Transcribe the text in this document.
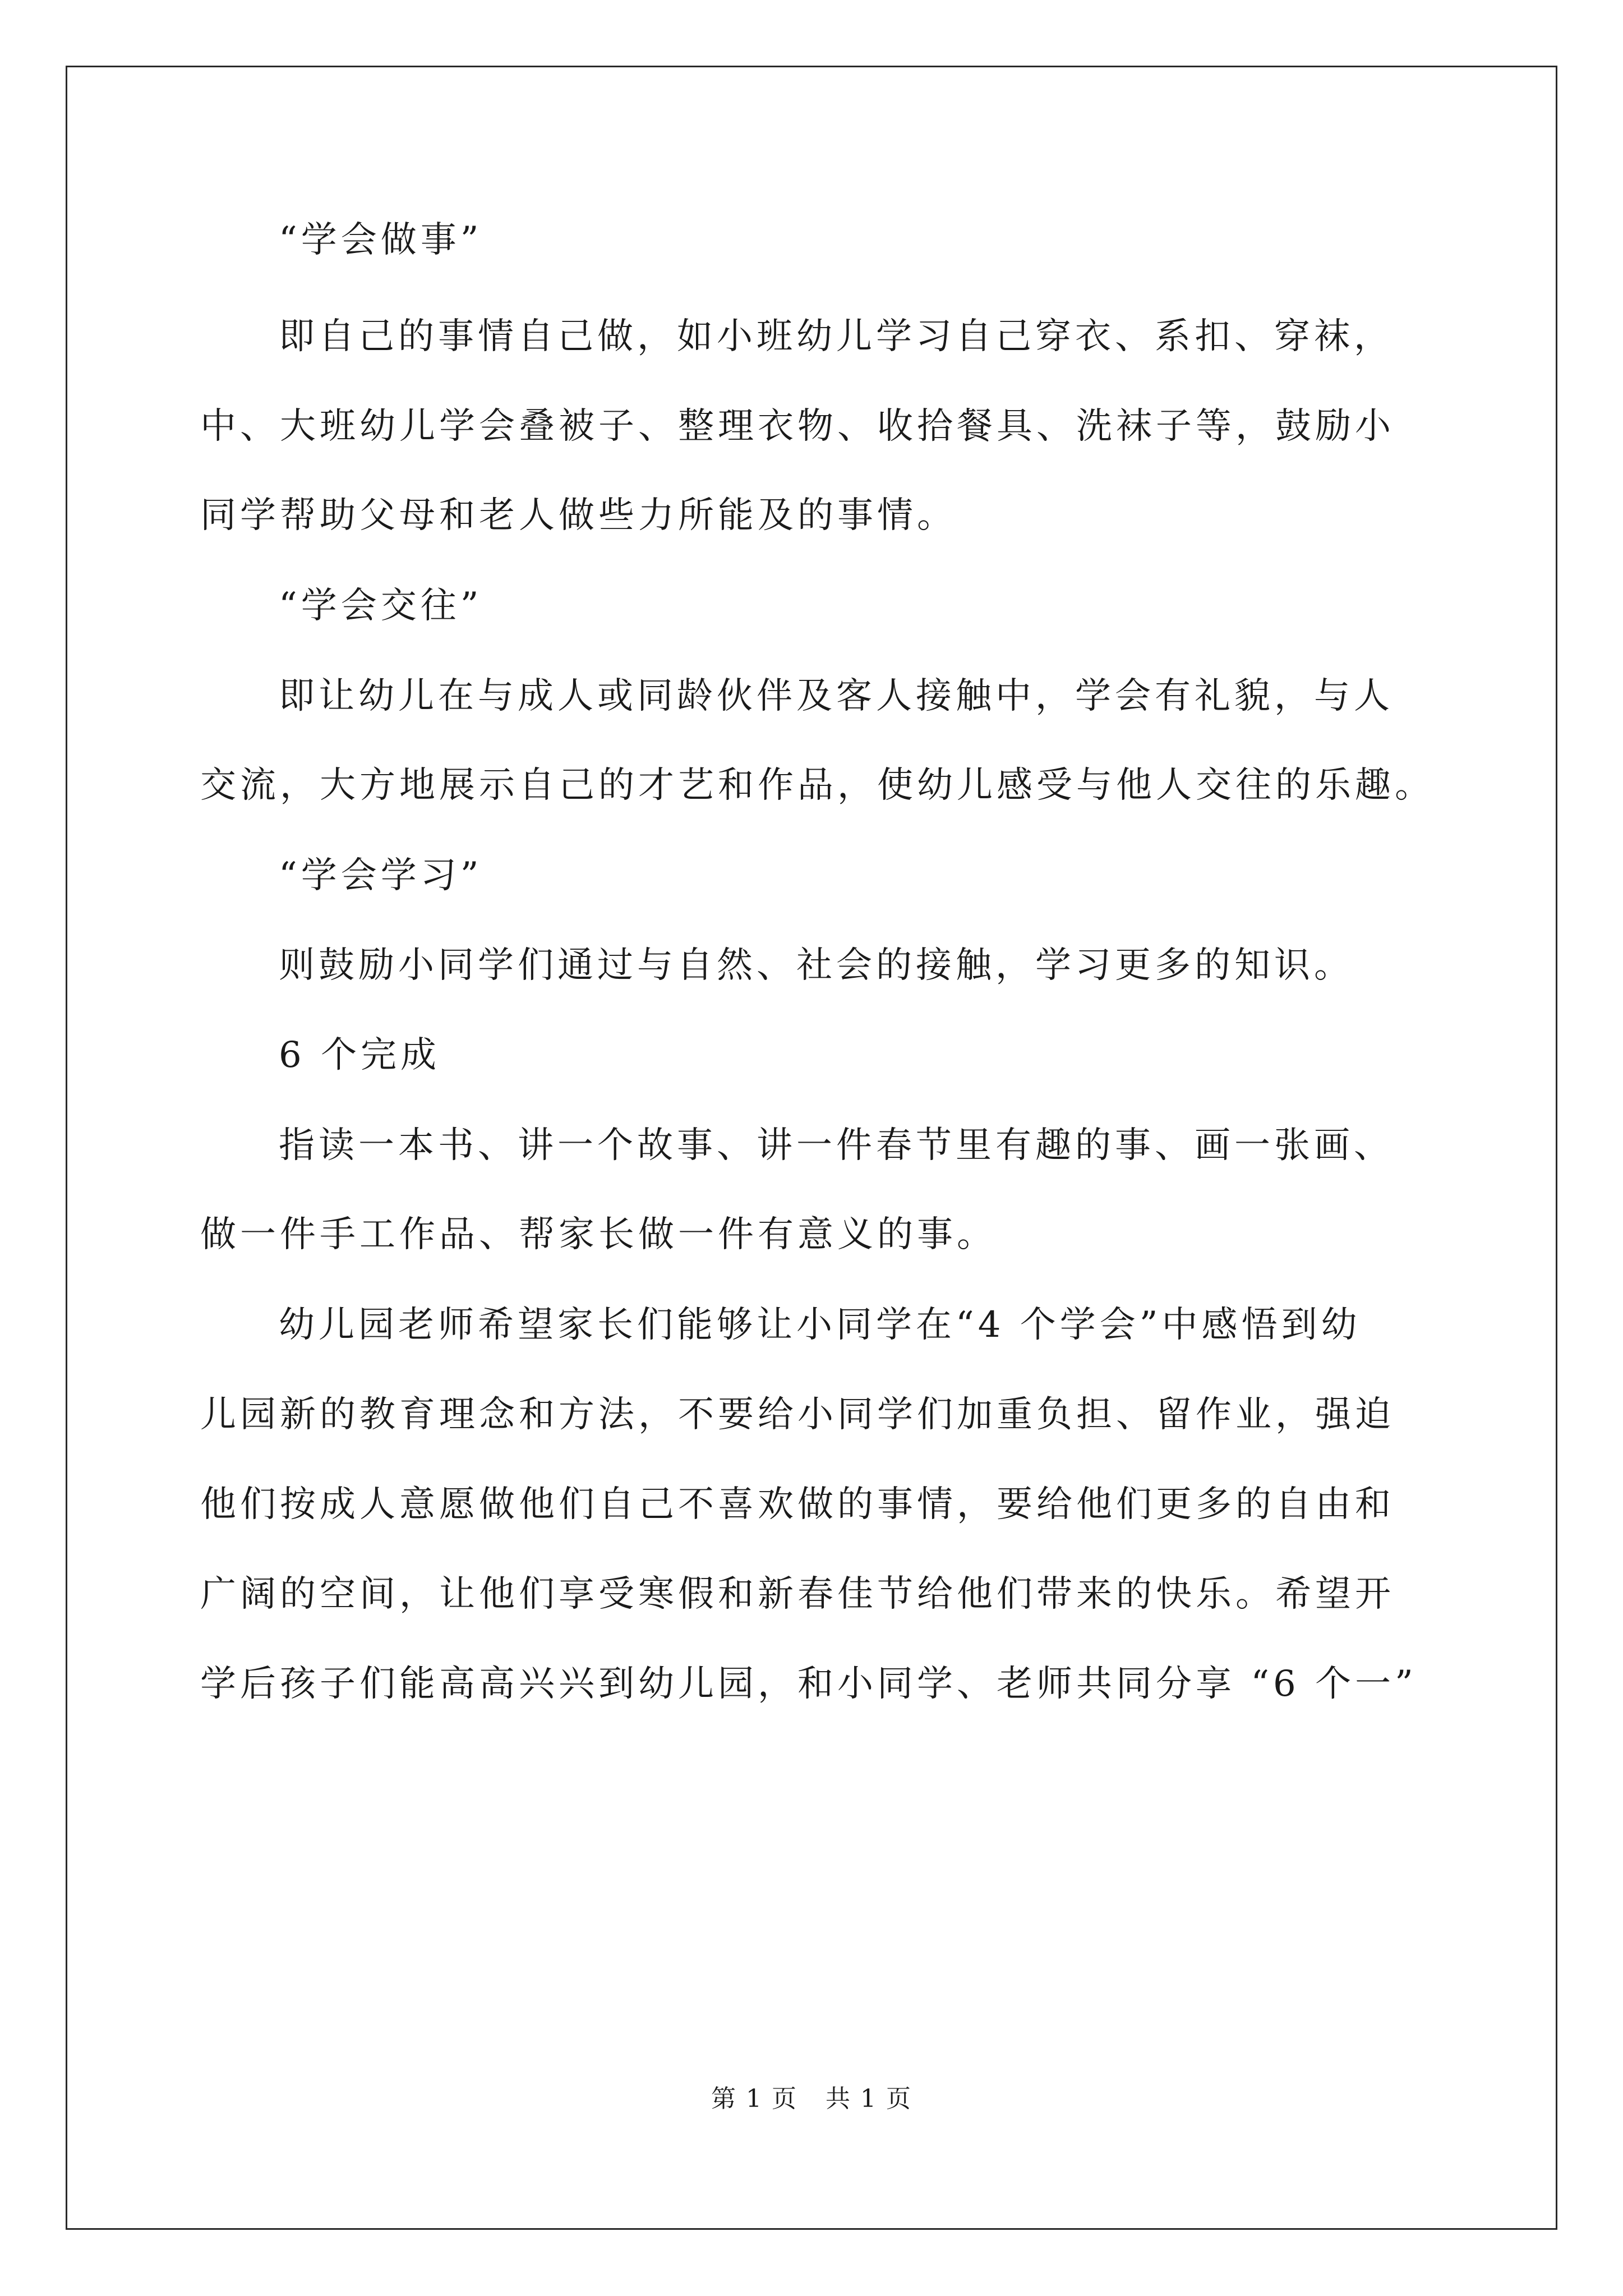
“学会做事”
即自己的事情自己做，如小班幼儿学习自己穿衣、系扣、穿袜，
中、大班幼儿学会叠被子、整理衣物、收拾餐具、洗袜子等，鼓励小
同学帮助父母和老人做些力所能及的事情。
“学会交往”
即让幼儿在与成人或同龄伙伴及客人接触中，学会有礼貌，与人
交流，大方地展示自己的才艺和作品，使幼儿感受与他人交往的乐趣。
“学会学习”
则鼓励小同学们通过与自然、社会的接触，学习更多的知识。
6 个完成
指读一本书、讲一个故事、讲一件春节里有趣的事、画一张画、
做一件手工作品、帮家长做一件有意义的事。
幼儿园老师希望家长们能够让小同学在“4 个学会”中感悟到幼
儿园新的教育理念和方法，不要给小同学们加重负担、留作业，强迫
他们按成人意愿做他们自己不喜欢做的事情，要给他们更多的自由和
广阔的空间，让他们享受寒假和新春佳节给他们带来的快乐。希望开
学后孩子们能高高兴兴到幼儿园，和小同学、老师共同分享 “6 个一”
第 1 页 共 1 页
